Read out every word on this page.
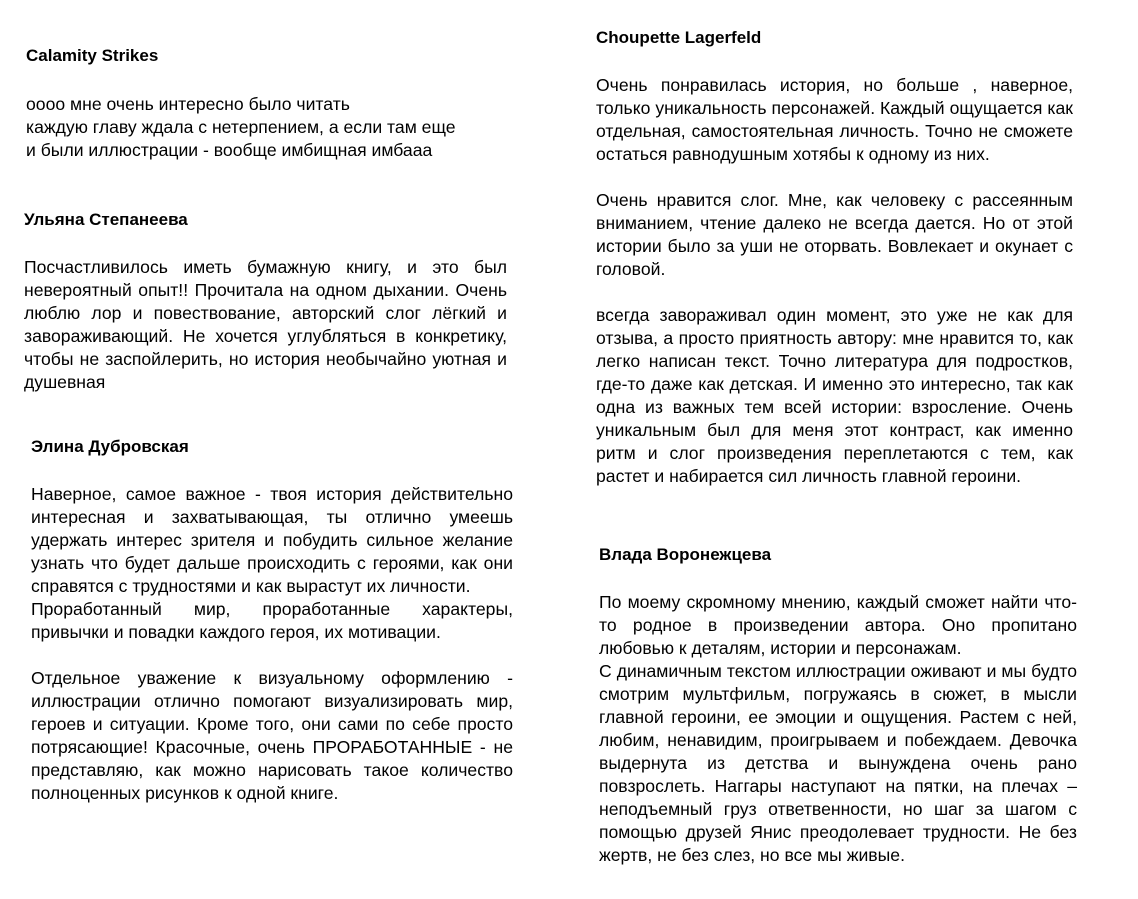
Calamity Strikes

оооо мне очень интересно было читать
каждую главу ждала с нетерпением, а если там еще
и были иллюстрации - вообще имбищная имбааа

Ульяна Степанеева

Посчастливилось иметь бумажную книгу, и это был невероятный опыт!! Прочитала на одном дыхании. Очень люблю лор и повествование, авторский слог лёгкий и завораживающий. Не хочется углубляться в конкретику, чтобы не заспойлерить, но история необычайно уютная и душевная

Элина Дубровская

Наверное, самое важное - твоя история действительно интересная и захватывающая, ты отлично умеешь удержать интерес зрителя и побудить сильное желание узнать что будет дальше происходить с героями, как они справятся с трудностями и как вырастут их личности.

Проработанный мир, проработанные характеры, привычки и повадки каждого героя, их мотивации.

Отдельное уважение к визуальному оформлению - иллюстрации отлично помогают визуализировать мир, героев и ситуации. Кроме того, они сами по себе просто потрясающие! Красочные, очень ПРОРАБОТАННЫЕ - не представляю, как можно нарисовать такое количество полноценных рисунков к одной книге.

Choupette Lagerfeld

Очень понравилась история, но больше , наверное, только уникальность персонажей. Каждый ощущается как отдельная, самостоятельная личность. Точно не сможете остаться равнодушным хотябы к одному из них.

Очень нравится слог. Мне, как человеку с рассеянным вниманием, чтение далеко не всегда дается. Но от этой истории было за уши не оторвать. Вовлекает и окунает с головой.

всегда завораживал один момент, это уже не как для отзыва, а просто приятность автору: мне нравится то, как легко написан текст. Точно литература для подростков, где-то даже как детская. И именно это интересно, так как одна из важных тем всей истории: взросление. Очень уникальным был для меня этот контраст, как именно ритм и слог произведения переплетаются с тем, как растет и набирается сил личность главной героини.

Влада Воронежцева

По моему скромному мнению, каждый сможет найти что-то родное в произведении автора. Оно пропитано любовью к деталям, истории и персонажам.

С динамичным текстом иллюстрации оживают и мы будто смотрим мультфильм, погружаясь в сюжет, в мысли главной героини, ее эмоции и ощущения. Растем с ней, любим, ненавидим, проигрываем и побеждаем. Девочка выдернута из детства и вынуждена очень рано повзрослеть. Наггары наступают на пятки, на плечах – неподъемный груз ответвенности, но шаг за шагом с помощью друзей Янис преодолевает трудности. Не без жертв, не без слез, но все мы живые.
